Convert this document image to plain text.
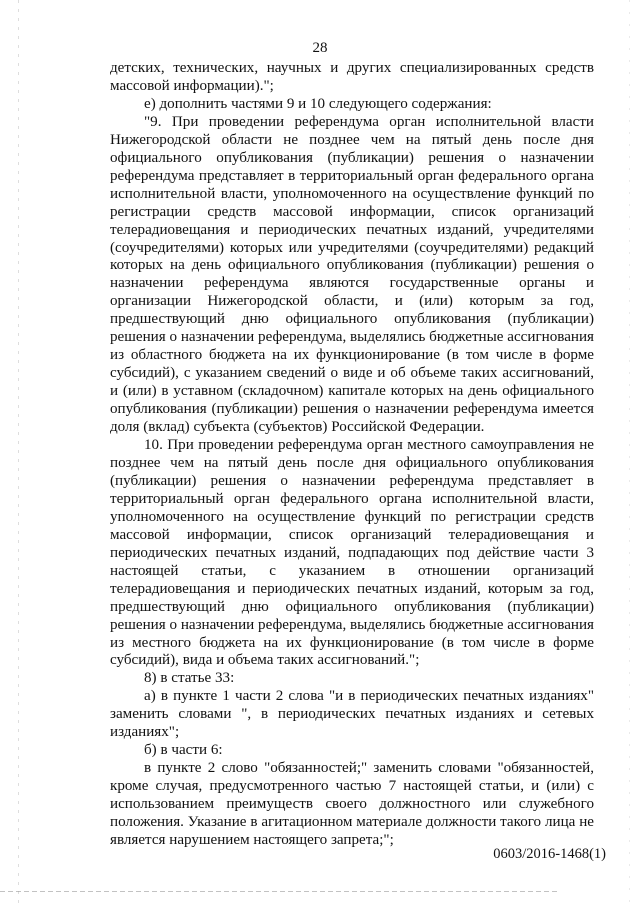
28

детских, технических, научных и других специализированных средств массовой информации).";

е) дополнить частями 9 и 10 следующего содержания:

"9. При проведении референдума орган исполнительной власти Нижегородской области не позднее чем на пятый день после дня официального опубликования (публикации) решения о назначении референдума представляет в территориальный орган федерального органа исполнительной власти, уполномоченного на осуществление функций по регистрации средств массовой информации, список организаций телерадиовещания и периодических печатных изданий, учредителями (соучредителями) которых или учредителями (соучредителями) редакций которых на день официального опубликования (публикации) решения о назначении референдума являются государственные органы и организации Нижегородской области, и (или) которым за год, предшествующий дню официального опубликования (публикации) решения о назначении референдума, выделялись бюджетные ассигнования из областного бюджета на их функционирование (в том числе в форме субсидий), с указанием сведений о виде и об объеме таких ассигнований, и (или) в уставном (складочном) капитале которых на день официального опубликования (публикации) решения о назначении референдума имеется доля (вклад) субъекта (субъектов) Российской Федерации.

10. При проведении референдума орган местного самоуправления не позднее чем на пятый день после дня официального опубликования (публикации) решения о назначении референдума представляет в территориальный орган федерального органа исполнительной власти, уполномоченного на осуществление функций по регистрации средств массовой информации, список организаций телерадиовещания и периодических печатных изданий, подпадающих под действие части 3 настоящей статьи, с указанием в отношении организаций телерадиовещания и периодических печатных изданий, которым за год, предшествующий дню официального опубликования (публикации) решения о назначении референдума, выделялись бюджетные ассигнования из местного бюджета на их функционирование (в том числе в форме субсидий), вида и объема таких ассигнований.";

8) в статье 33:

а) в пункте 1 части 2 слова "и в периодических печатных изданиях" заменить словами ", в периодических печатных изданиях и сетевых изданиях";

б) в части 6:

в пункте 2 слово "обязанностей;" заменить словами "обязанностей, кроме случая, предусмотренного частью 7 настоящей статьи, и (или) с использованием преимуществ своего должностного или служебного положения. Указание в агитационном материале должности такого лица не является нарушением настоящего запрета;";

0603/2016-1468(1)
